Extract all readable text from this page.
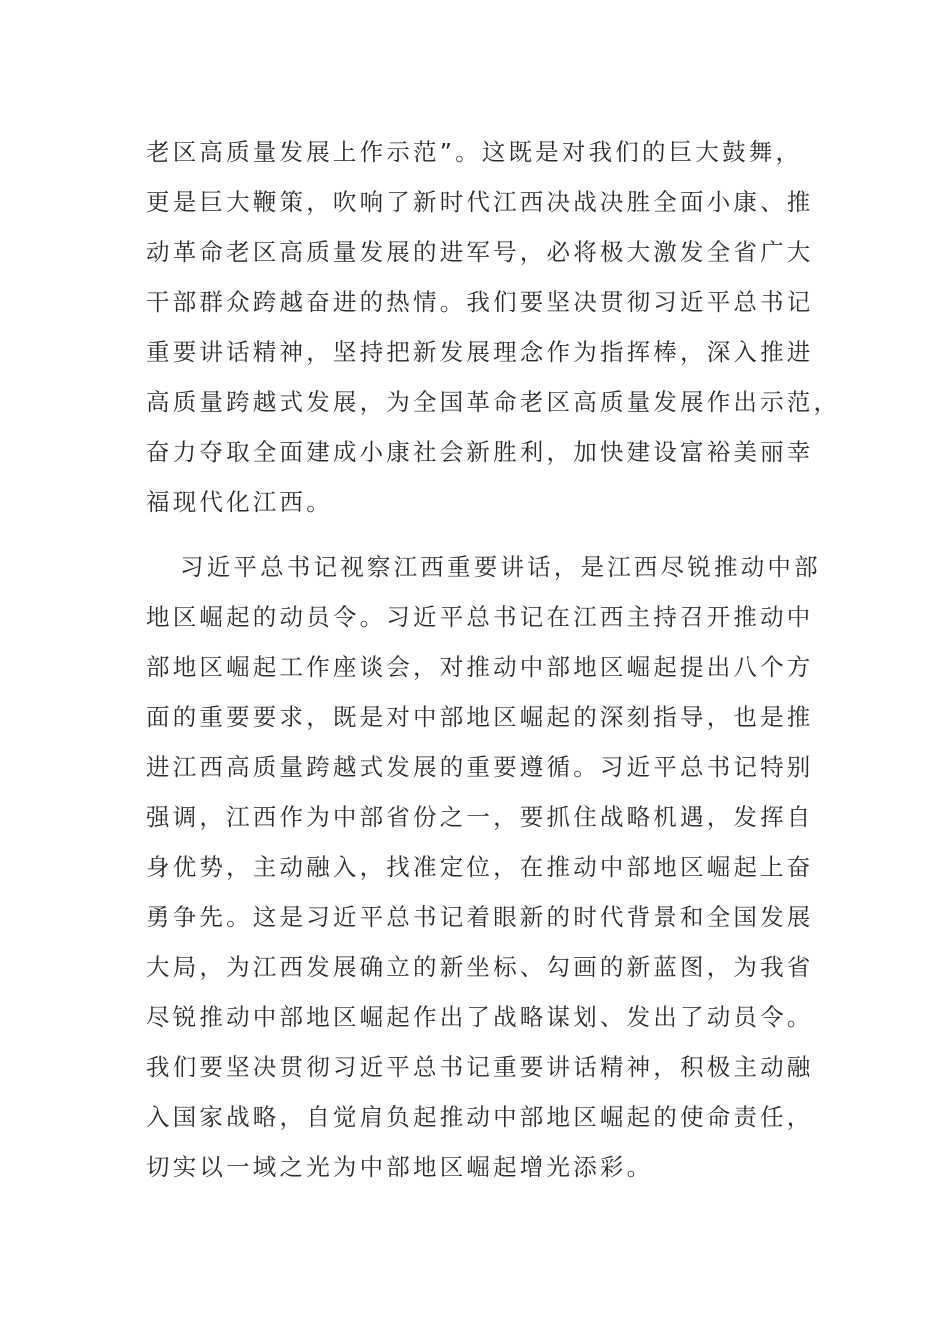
老区高质量发展上作示范”。这既是对我们的巨大鼓舞，
更是巨大鞭策，吹响了新时代江西决战决胜全面小康、推
动革命老区高质量发展的进军号，必将极大激发全省广大
干部群众跨越奋进的热情。我们要坚决贯彻习近平总书记
重要讲话精神，坚持把新发展理念作为指挥棒，深入推进
高质量跨越式发展，为全国革命老区高质量发展作出示范，
奋力夺取全面建成小康社会新胜利，加快建设富裕美丽幸
福现代化江西。
习近平总书记视察江西重要讲话，是江西尽锐推动中部
地区崛起的动员令。习近平总书记在江西主持召开推动中
部地区崛起工作座谈会，对推动中部地区崛起提出八个方
面的重要要求，既是对中部地区崛起的深刻指导，也是推
进江西高质量跨越式发展的重要遵循。习近平总书记特别
强调，江西作为中部省份之一，要抓住战略机遇，发挥自
身优势，主动融入，找准定位，在推动中部地区崛起上奋
勇争先。这是习近平总书记着眼新的时代背景和全国发展
大局，为江西发展确立的新坐标、勾画的新蓝图，为我省
尽锐推动中部地区崛起作出了战略谋划、发出了动员令。
我们要坚决贯彻习近平总书记重要讲话精神，积极主动融
入国家战略，自觉肩负起推动中部地区崛起的使命责任，
切实以一域之光为中部地区崛起增光添彩。
